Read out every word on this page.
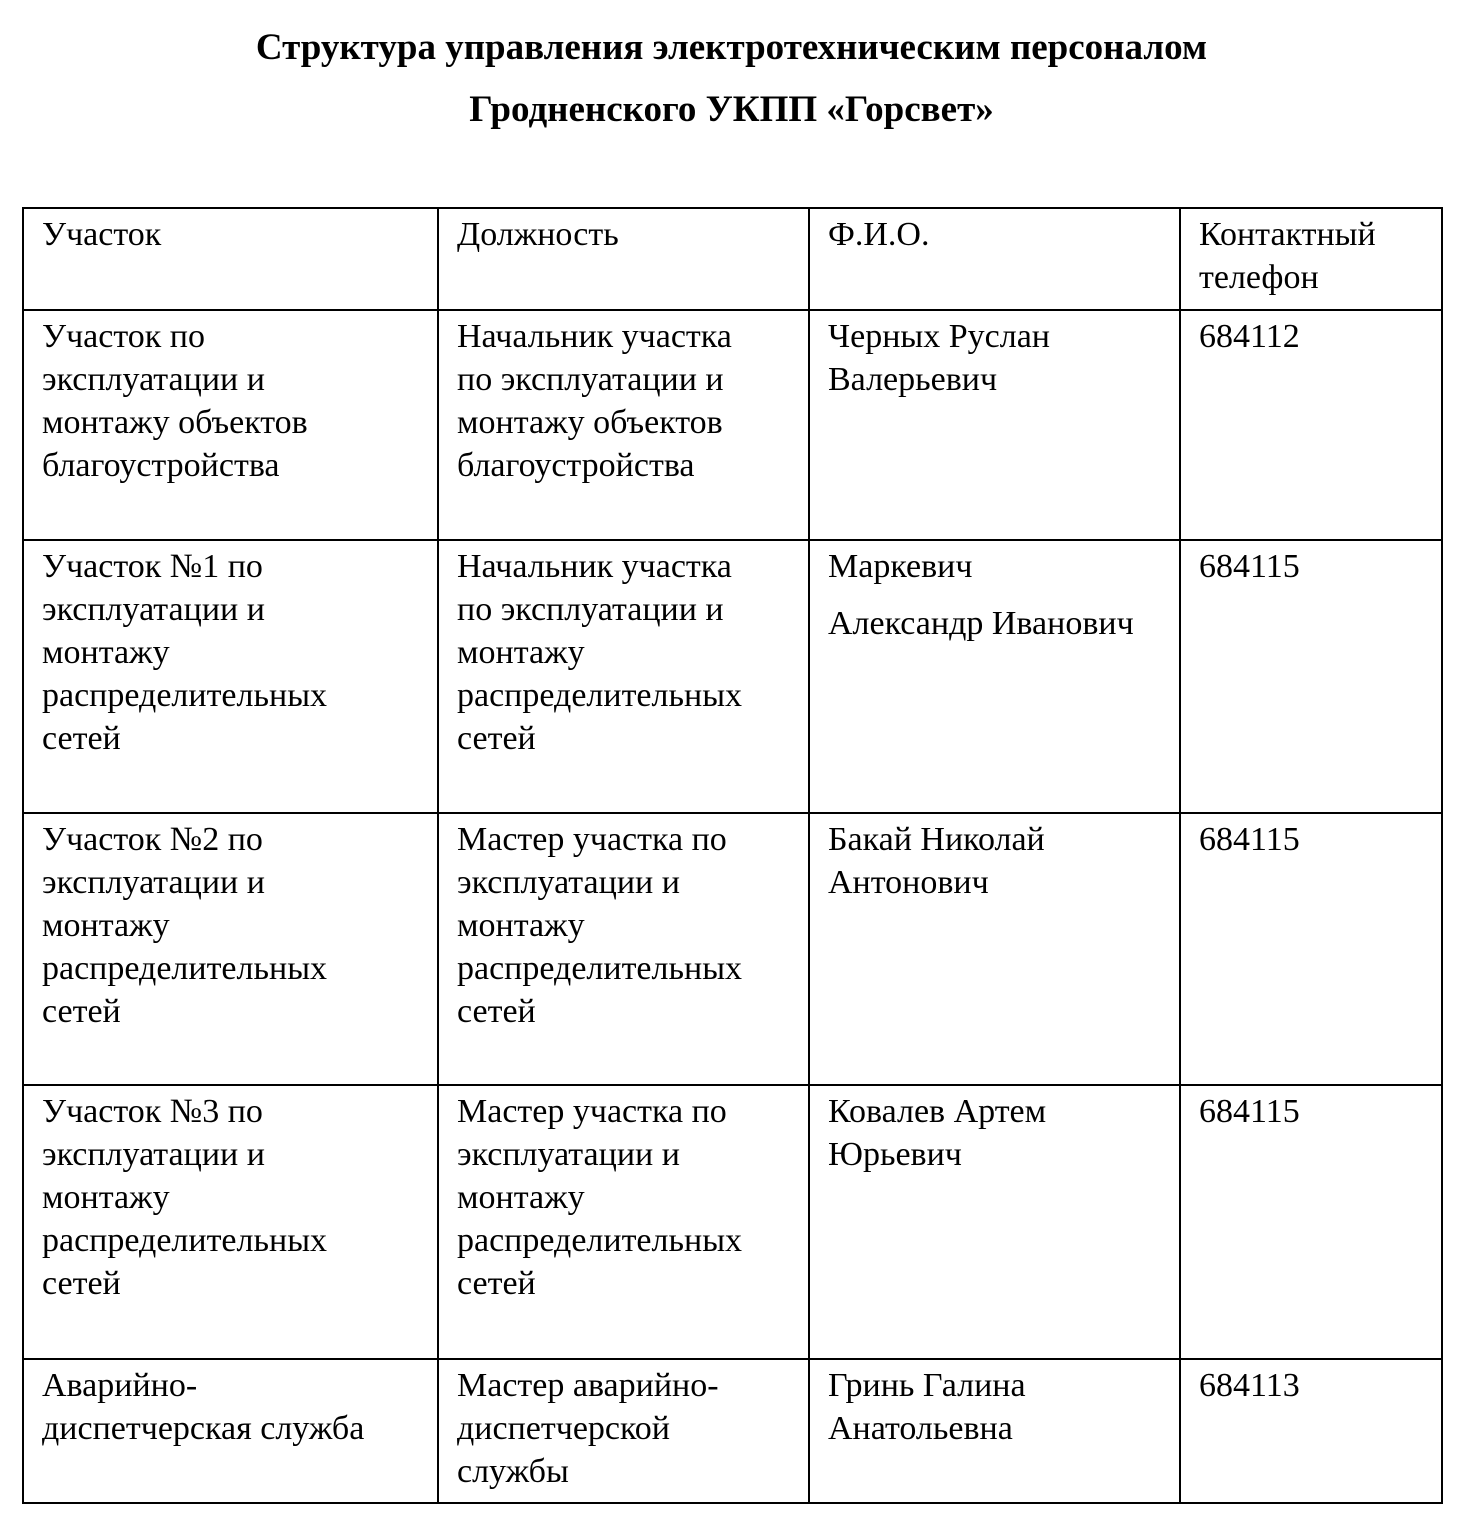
Структура управления электротехническим персоналом
Гродненского УКПП «Горсвет»
Участок	Должность	Ф.И.О.	Контактный
телефон

Участок по
эксплуатации и
монтажу объектов
благоустройства	Начальник участка
по эксплуатации и
монтажу объектов
благоустройства	Черных Руслан
Валерьевич	684112

Участок №1 по
эксплуатации и
монтажу
распределительных
сетей	Начальник участка
по эксплуатации и
монтажу
распределительных
сетей	Маркевич
Александр Иванович	684115

Участок №2 по
эксплуатации и
монтажу
распределительных
сетей	Мастер участка по
эксплуатации и
монтажу
распределительных
сетей	Бакай Николай
Антонович	684115

Участок №3 по
эксплуатации и
монтажу
распределительных
сетей	Мастер участка по
эксплуатации и
монтажу
распределительных
сетей	Ковалев Артем
Юрьевич	684115

Аварийно-
диспетчерская служба	Мастер аварийно-
диспетчерской
службы	Гринь Галина
Анатольевна	684113
